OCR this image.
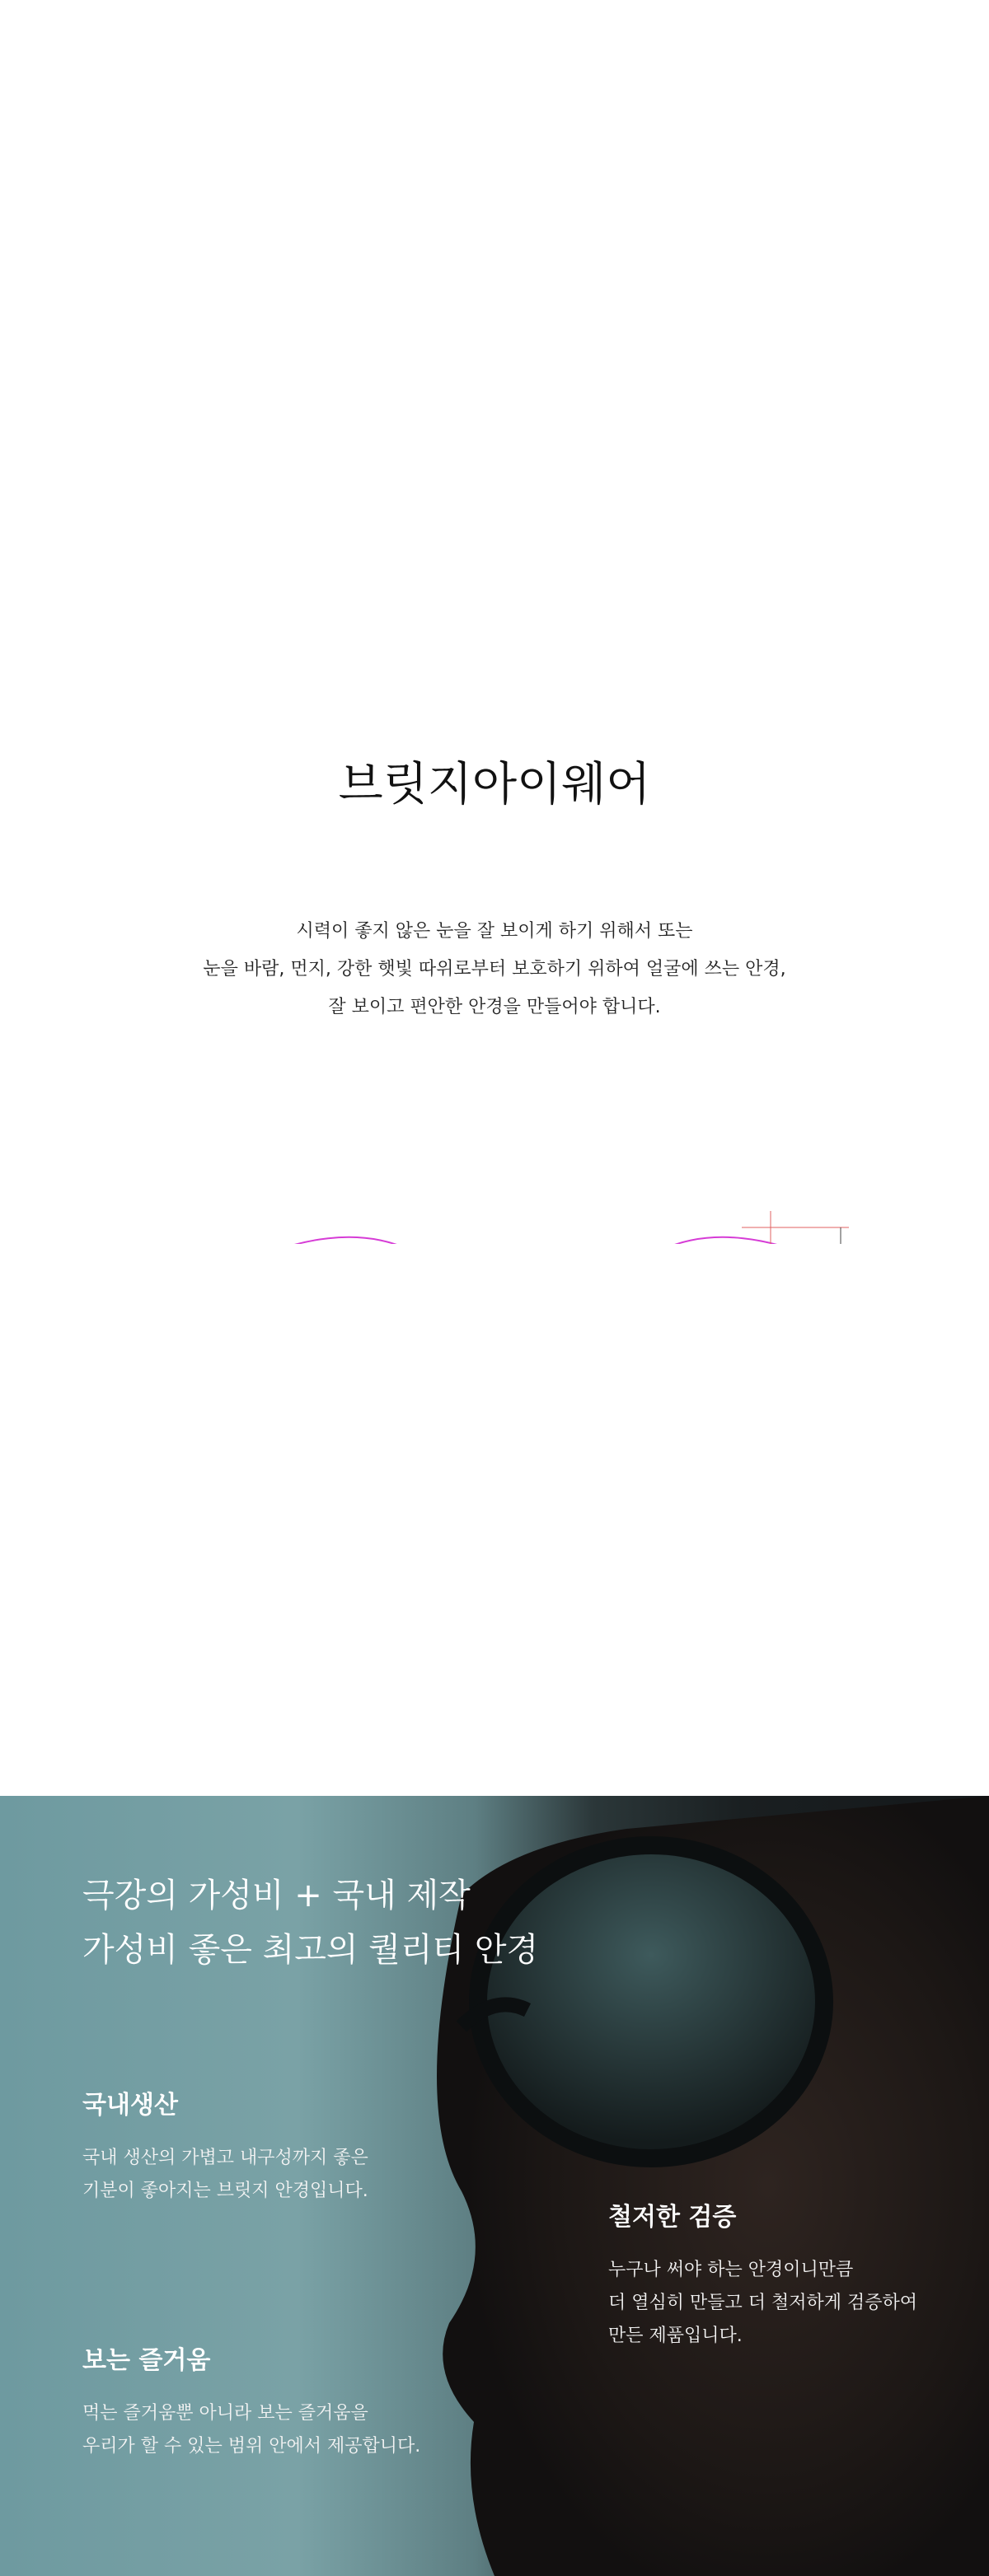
브릿지아이웨어
시력이 좋지 않은 눈을 잘 보이게 하기 위해서 또는
눈을 바람, 먼지, 강한 햇빛 따위로부터 보호하기 위하여 얼굴에 쓰는 안경,
잘 보이고 편안한 안경을 만들어야 합니다.
46	24
133
2.1	0.5 3.2 39.27
0.9
1.9
IB-OP404-P1
3.2	3.2	1.8	2 1.2
68
143
2.3
3
35°
7°
극강의 가성비 + 국내 제작
가성비 좋은 최고의 퀄리티 안경
국내생산

국내 생산의 가볍고 내구성까지 좋은

기분이 좋아지는 브릿지 안경입니다.

철저한 검증

누구나 써야 하는 안경이니만큼

더 열심히 만들고 더 철저하게 검증하여

만든 제품입니다.

보는 즐거움

먹는 즐거움뿐 아니라 보는 즐거움을

우리가 할 수 있는 범위 안에서 제공합니다.
